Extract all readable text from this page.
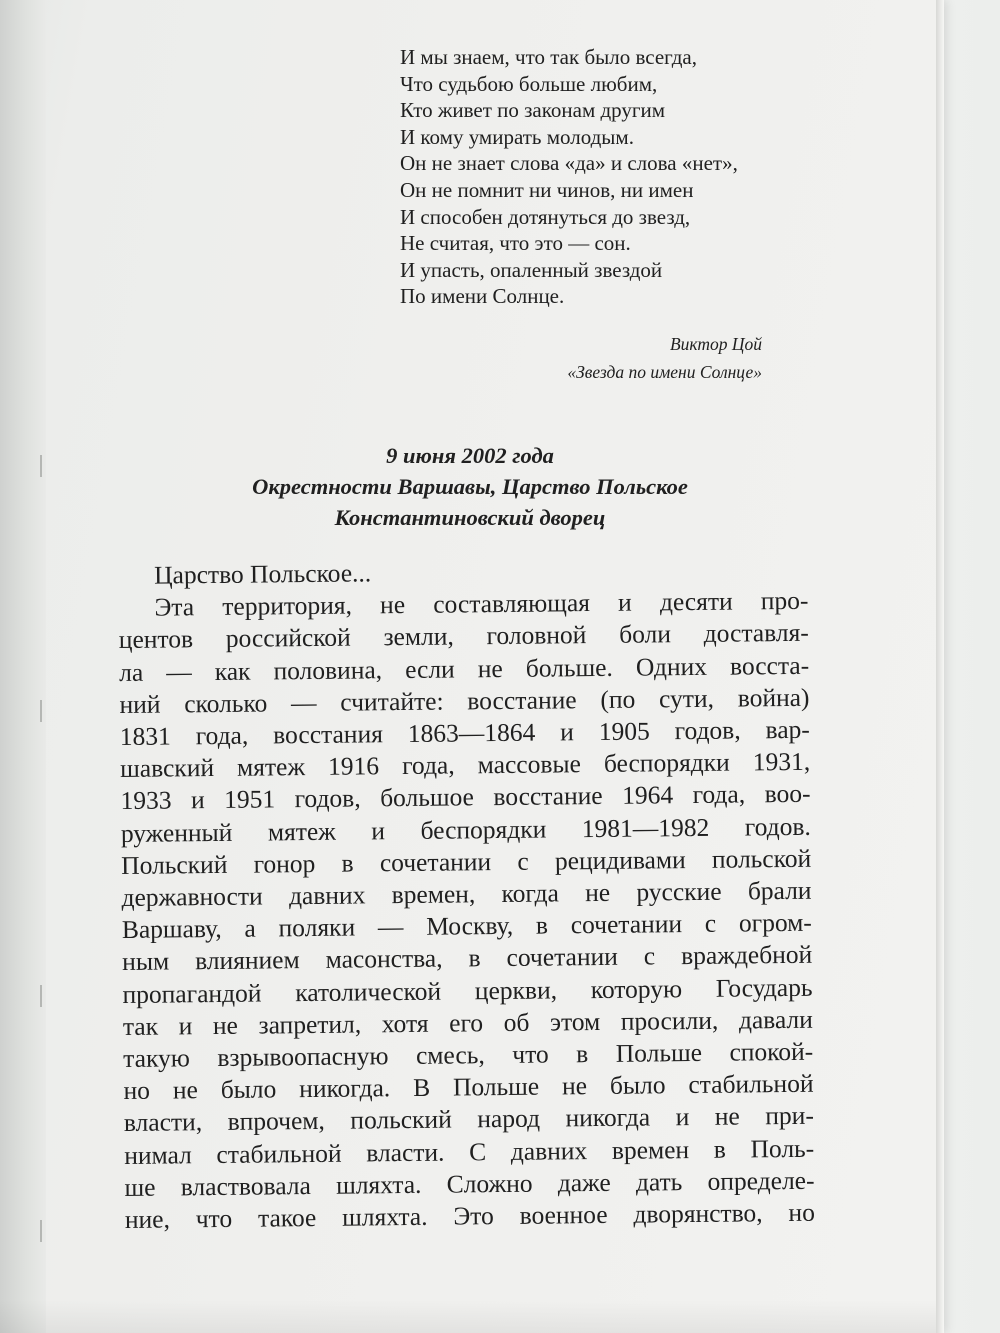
И мы знаем, что так было всегда,
Что судьбою больше любим,
Кто живет по законам другим
И кому умирать молодым.
Он не знает слова «да» и слова «нет»,
Он не помнит ни чинов, ни имен
И способен дотянуться до звезд,
Не считая, что это — сон.
И упасть, опаленный звездой
По имени Солнце.
Виктор Цой
«Звезда по имени Солнце»
9 июня 2002 года
Окрестности Варшавы, Царство Польское
Константиновский дворец
Царство Польское...
Эта территория, не составляющая и десяти про-
центов российской земли, головной боли доставля-
ла — как половина, если не больше. Одних восста-
ний сколько — считайте: восстание (по сути, война)
1831 года, восстания 1863—1864 и 1905 годов, вар-
шавский мятеж 1916 года, массовые беспорядки 1931,
1933 и 1951 годов, большое восстание 1964 года, воо-
руженный мятеж и беспорядки 1981—1982 годов.
Польский гонор в сочетании с рецидивами польской
державности давних времен, когда не русские брали
Варшаву, а поляки — Москву, в сочетании с огром-
ным влиянием масонства, в сочетании с враждебной
пропагандой католической церкви, которую Государь
так и не запретил, хотя его об этом просили, давали
такую взрывоопасную смесь, что в Польше спокой-
но не было никогда. В Польше не было стабильной
власти, впрочем, польский народ никогда и не при-
нимал стабильной власти. С давних времен в Поль-
ше властвовала шляхта. Сложно даже дать определе-
ние, что такое шляхта. Это военное дворянство, но
